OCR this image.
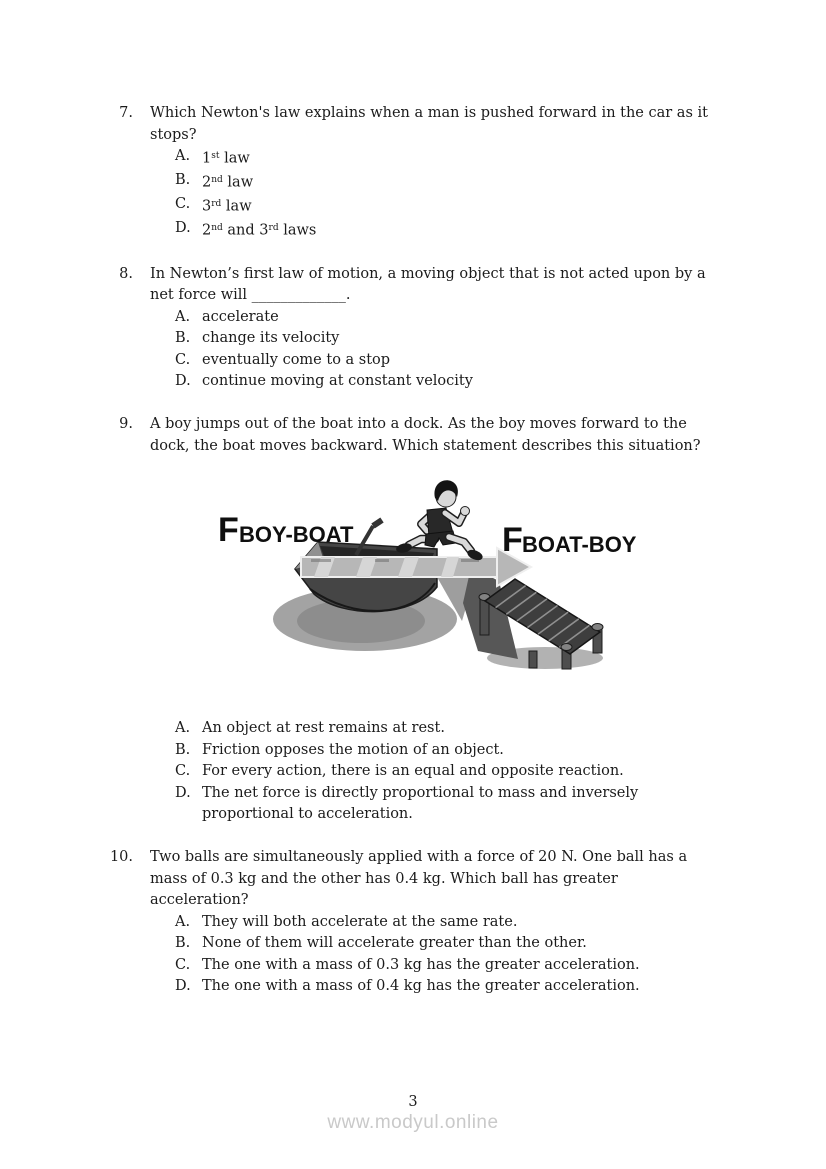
7. Which Newton's law explains when a man is pushed forward in the car as it
stops?
A. 1st law
B. 2nd law
C. 3rd law
D. 2nd and 3rd laws
8. In Newton’s first law of motion, a moving object that is not acted upon by a
net force will _____________.
A. accelerate
B. change its velocity
C. eventually come to a stop
D. continue moving at constant velocity
9. A boy jumps out of the boat into a dock. As the boy moves forward to the
dock, the boat moves backward. Which statement describes this situation?
F BOY-BOAT	F BOAT-BOY
A. An object at rest remains at rest.
B. Friction opposes the motion of an object.
C. For every action, there is an equal and opposite reaction.
D. The net force is directly proportional to mass and inversely
proportional to acceleration.
10. Two balls are simultaneously applied with a force of 20 N. One ball has a
mass of 0.3 kg and the other has 0.4 kg. Which ball has greater
acceleration?
A. They will both accelerate at the same rate.
B. None of them will accelerate greater than the other.
C. The one with a mass of 0.3 kg has the greater acceleration.
D. The one with a mass of 0.4 kg has the greater acceleration.
3
www.modyul.online
